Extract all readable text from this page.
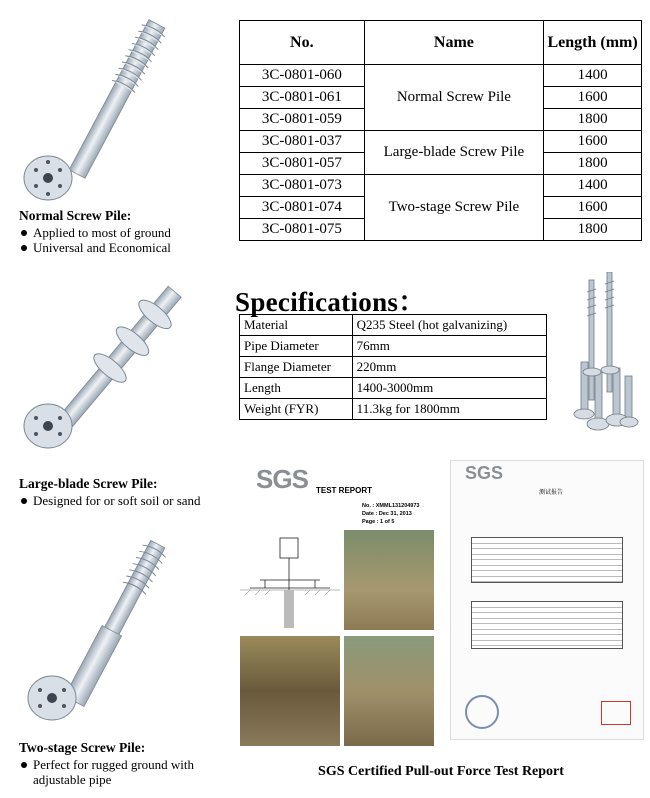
Normal Screw Pile:
Applied to most of ground
Universal and Economical
Large-blade Screw Pile:
Designed for or soft soil or sand
Two-stage Screw Pile:
Perfect for rugged ground with adjustable pipe
No.	Name	Length (mm)
3C-0801-060	Normal Screw Pile	1400
3C-0801-061		1600
3C-0801-059		1800
3C-0801-037	Large-blade Screw Pile	1600
3C-0801-057		1800
3C-0801-073	Two-stage Screw Pile	1400
3C-0801-074		1600
3C-0801-075		1800
Specifications：
Material	Q235 Steel (hot galvanizing)
Pipe Diameter	76mm
Flange Diameter	220mm
Length	1400-3000mm
Weight (FYR)	11.3kg for 1800mm
SGS TEST REPORT
No. : XMML131204973
Date : Dec 31, 2013
Page : 1 of 5
SGS
测试报告
SGS Certified Pull-out Force Test Report
